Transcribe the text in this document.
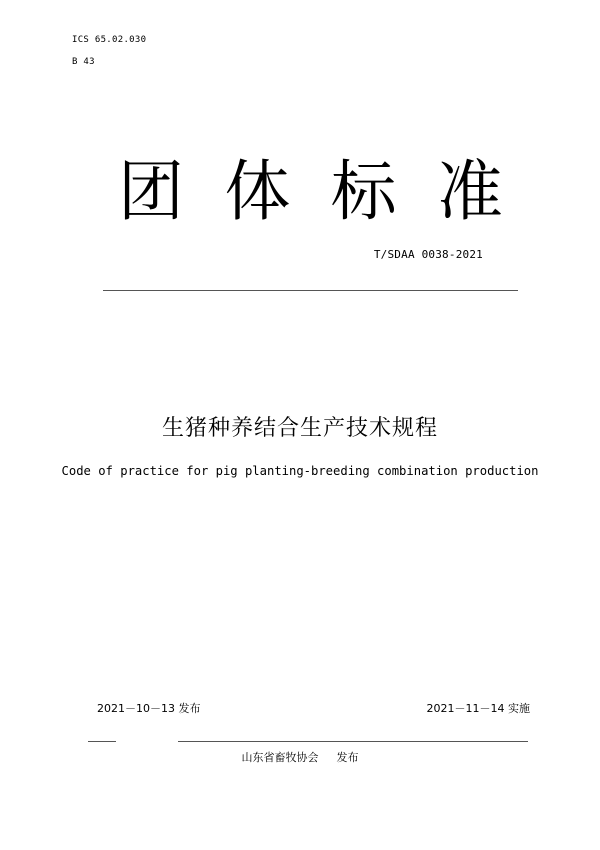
ICS 65.02.030
B 43
团 体 标 准
T/SDAA 0038-2021
生猪种养结合生产技术规程
Code of practice for pig planting-breeding combination production
2021－10－13 发布	2021－11－14 实施
山东省畜牧协会 发布
